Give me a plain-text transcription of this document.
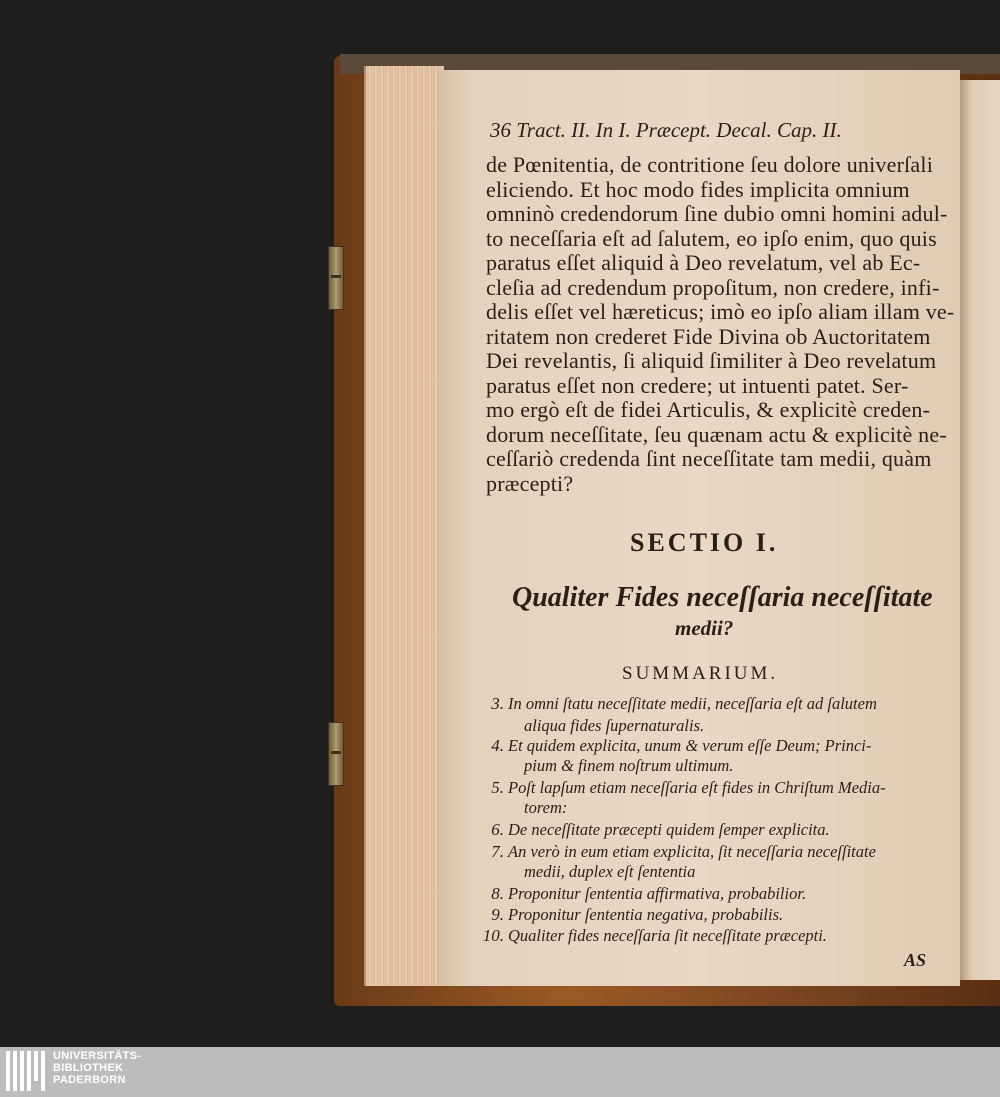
36 Tract. II. In I. Præcept. Decal. Cap. II.
de Pœnitentia, de contritione ſeu dolore univerſali
eliciendo. Et hoc modo fides implicita omnium
omninò credendorum ſine dubio omni homini adul-
to neceſſaria eſt ad ſalutem, eo ipſo enim, quo quis
paratus eſſet aliquid à Deo revelatum, vel ab Ec-
cleſia ad credendum propoſitum, non credere, infi-
delis eſſet vel hæreticus; imò eo ipſo aliam illam ve-
ritatem non crederet Fide Divina ob Auctoritatem
Dei revelantis, ſi aliquid ſimiliter à Deo revelatum
paratus eſſet non credere; ut intuenti patet. Ser-
mo ergò eſt de fidei Articulis, & explicitè creden-
dorum neceſſitate, ſeu quænam actu & explicitè ne-
ceſſariò credenda ſint neceſſitate tam medii, quàm
præcepti?
SECTIO I.
Qualiter Fides neceſſaria neceſſitate
medii?
SUMMARIUM.
3. In omni ſtatu neceſſitate medii, neceſſaria eſt ad ſalutem
aliqua fides ſupernaturalis.
4. Et quidem explicita, unum & verum eſſe Deum; Princi-
pium & finem noſtrum ultimum.
5. Poſt lapſum etiam neceſſaria eſt fides in Chriſtum Media-
torem:
6. De neceſſitate præcepti quidem ſemper explicita.
7. An verò in eum etiam explicita, ſit neceſſaria neceſſitate
medii, duplex eſt ſententia
8. Proponitur ſententia affirmativa, probabilior.
9. Proponitur ſententia negativa, probabilis.
10. Qualiter fides neceſſaria ſit neceſſitate præcepti.
AS
UNIVERSITÄTS-
BIBLIOTHEK
PADERBORN
